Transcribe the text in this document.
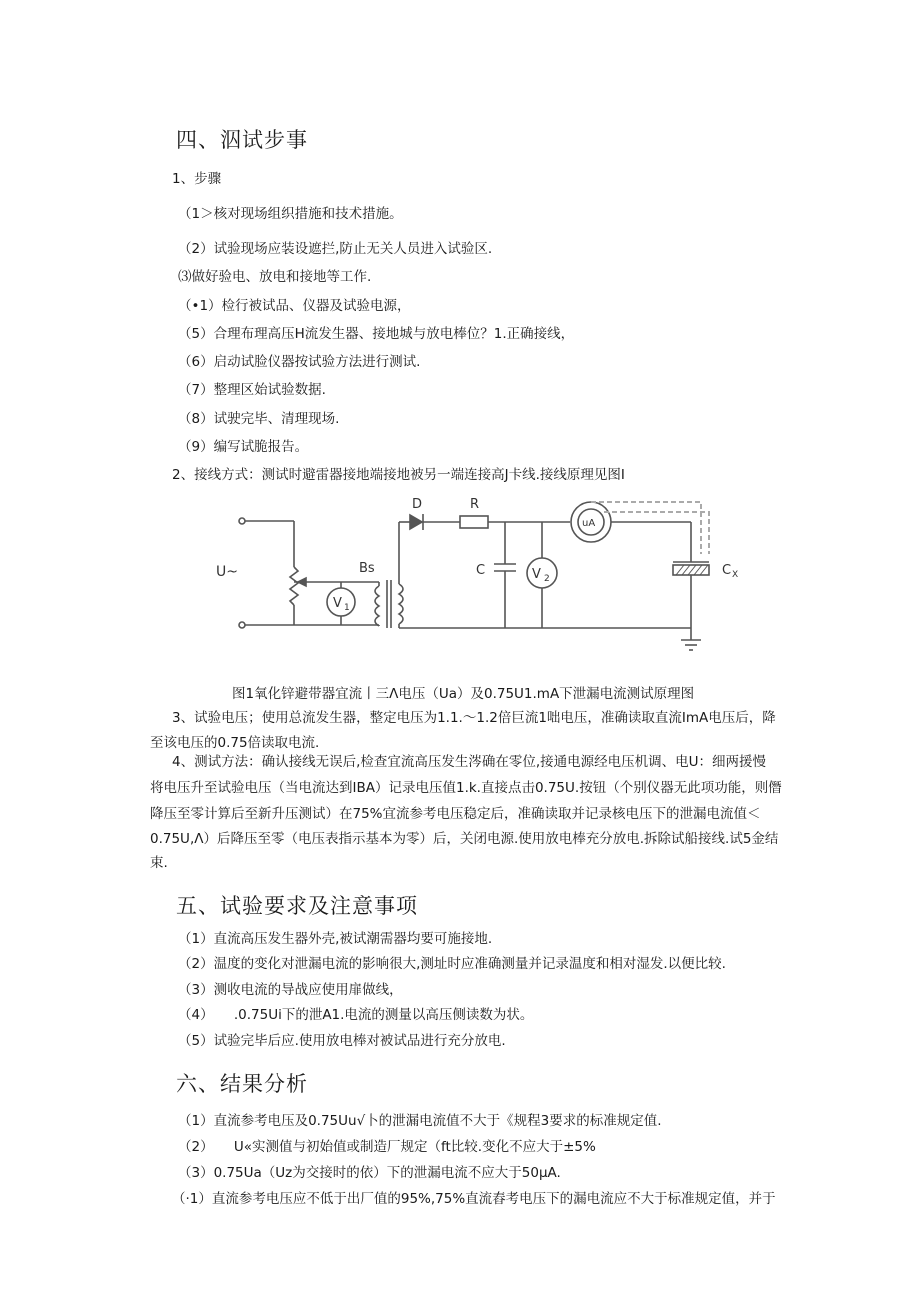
四、泅试步事
1、步骤
（1＞核对现场组织措施和技术措施。
（2）试验现场应装设遮拦,防止无关人员进入试验区.
⑶做好验电、放电和接地等工作.
（•1）检行被试品、仪器及试验电源，
（5）合理布理高压H流发生器、接地城与放电棒位？1.正确接线，
（6）启动试脸仪器按试验方法进行测试.
（7）整理区始试验数据.
（8）试驶完毕、清理现场.
（9）编写试脆报告。
2、接线方式：测试时避雷器接地端接地被另一端连接高J卡线.接线原理见图I
U~
V 1
Bs
D	R
C	V 2
uA
C X
图1氧化锌避带器宜流丨三Λ电压（Ua）及0.75U1.mA下泄漏电流测试原理图
3、试验电压；使用总流发生器，整定电压为1.1.～1.2倍巨流1咄电压，准确读取直流ImA电压后，降
至该电压的0.75倍读取电流.
4、测试方法：确认接线无误后,检查宜流高压发生涔确在零位,接通电源经电压机调、电U：细两援慢
将电压升至试验电压（当电流达到IBA）记录电压值1.k.直接点击0.75U.按钮（个别仪器无此项功能，则僭
降压至零计算后至新升压测试）在75%宜流参考电压稳定后，准确读取并记录核电压下的泄漏电流值＜
0.75U,Λ）后降压至零（电压表指示基本为零）后，关闭电源.使用放电棒充分放电.拆除试船接线.试5金结
束.
五、试验要求及注意事项
（1）直流高压发生器外壳,被试潮需器均要可施接地.
（2）温度的变化对泄漏电流的影响很大,测址时应准确测量并记录温度和相对湿发.以便比较.
（3）测收电流的导战应使用扉做线，
（4）　　.0.75Ui下的泄A1.电流的测量以高压侧读数为状。
（5）试验完毕后应.使用放电棒对被试品进行充分放电.
六、结果分析
（1）直流参考电压及0.75Uu√卜的泄漏电流值不大于《规程3要求的标准规定值.
（2）　　U«实测值与初始值或制造厂规定（ft比较.变化不应大于±5%
（3）0.75Ua（Uz为交接时的依）下的泄漏电流不应大于50μA.
（·1）直流参考电压应不低于出厂值的95%,75%直流舂考电压下的漏电流应不大于标准规定值，并于
